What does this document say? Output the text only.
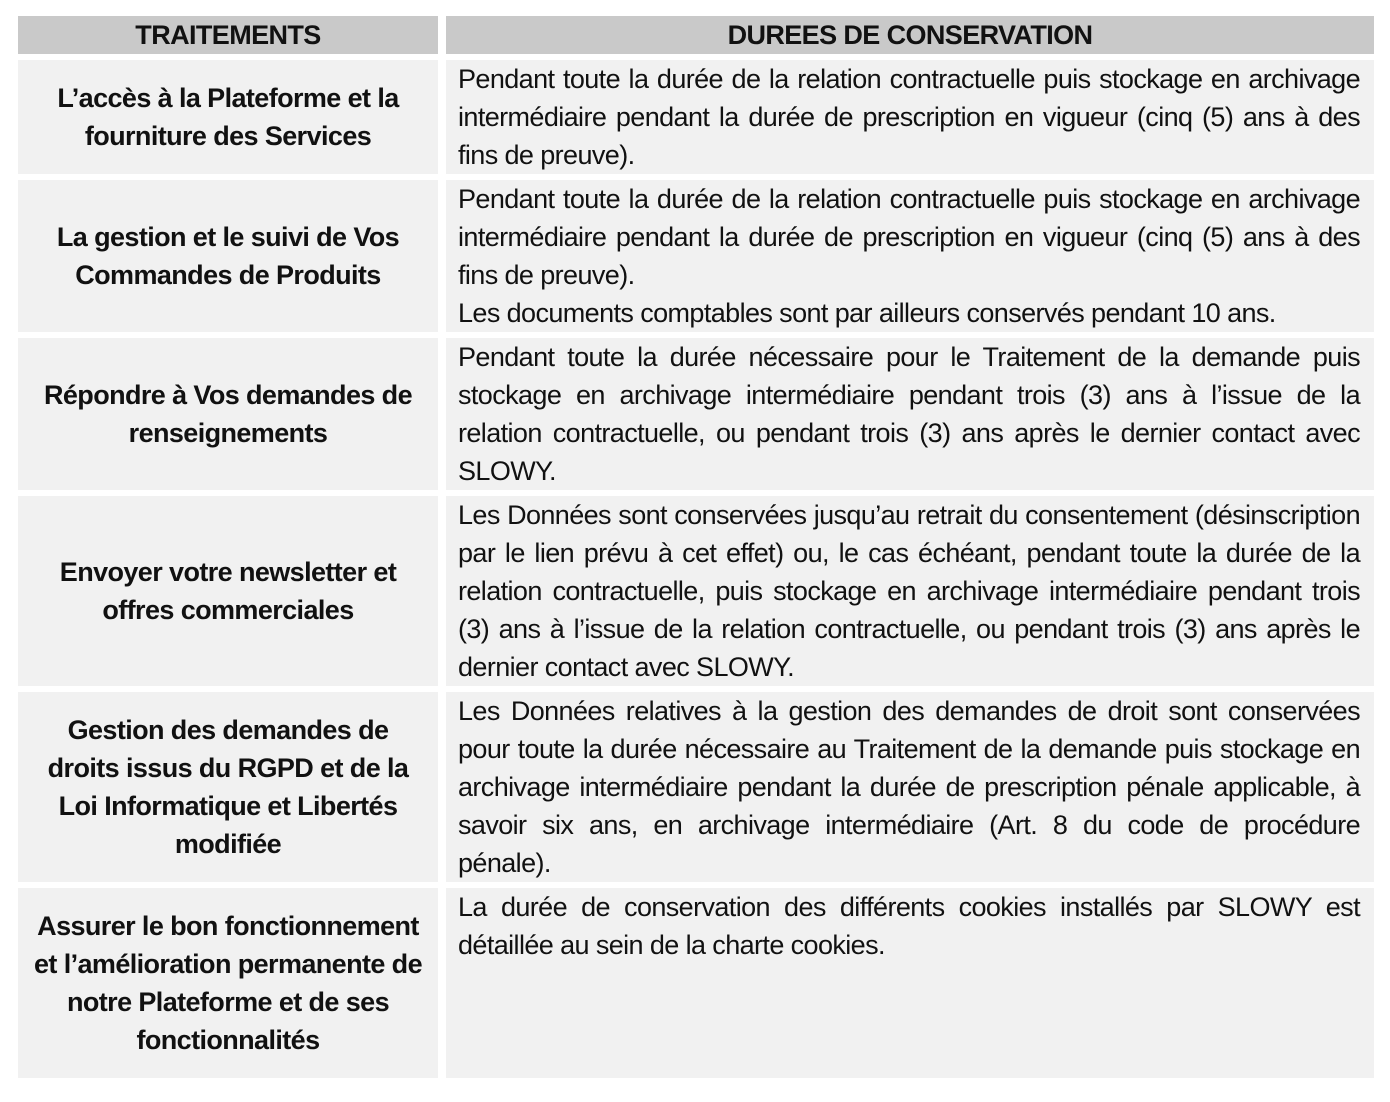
TRAITEMENTS	DUREES DE CONSERVATION
L’accès à la Plateforme et la fourniture des Services

Pendant toute la durée de la relation contractuelle puis stockage en archivage intermédiaire pendant la durée de prescription en vigueur (cinq (5) ans à des fins de preuve).

La gestion et le suivi de Vos Commandes de Produits

Pendant toute la durée de la relation contractuelle puis stockage en archivage intermédiaire pendant la durée de prescription en vigueur (cinq (5) ans à des fins de preuve).

Les documents comptables sont par ailleurs conservés pendant 10 ans.

Répondre à Vos demandes de renseignements

Pendant toute la durée nécessaire pour le Traitement de la demande puis stockage en archivage intermédiaire pendant trois (3) ans à l’issue de la relation contractuelle, ou pendant trois (3) ans après le dernier contact avec SLOWY.

Envoyer votre newsletter et offres commerciales

Les Données sont conservées jusqu’au retrait du consentement (désinscription par le lien prévu à cet effet) ou, le cas échéant, pendant toute la durée de la relation contractuelle, puis stockage en archivage intermédiaire pendant trois (3) ans à l’issue de la relation contractuelle, ou pendant trois (3) ans après le dernier contact avec SLOWY.

Gestion des demandes de droits issus du RGPD et de la Loi Informatique et Libertés modifiée

Les Données relatives à la gestion des demandes de droit sont conservées pour toute la durée nécessaire au Traitement de la demande puis stockage en archivage intermédiaire pendant la durée de prescription pénale applicable, à savoir six ans, en archivage intermédiaire (Art. 8 du code de procédure pénale).

Assurer le bon fonctionnement et l’amélioration permanente de notre Plateforme et de ses fonctionnalités

La durée de conservation des différents cookies installés par SLOWY est détaillée au sein de la charte cookies.
